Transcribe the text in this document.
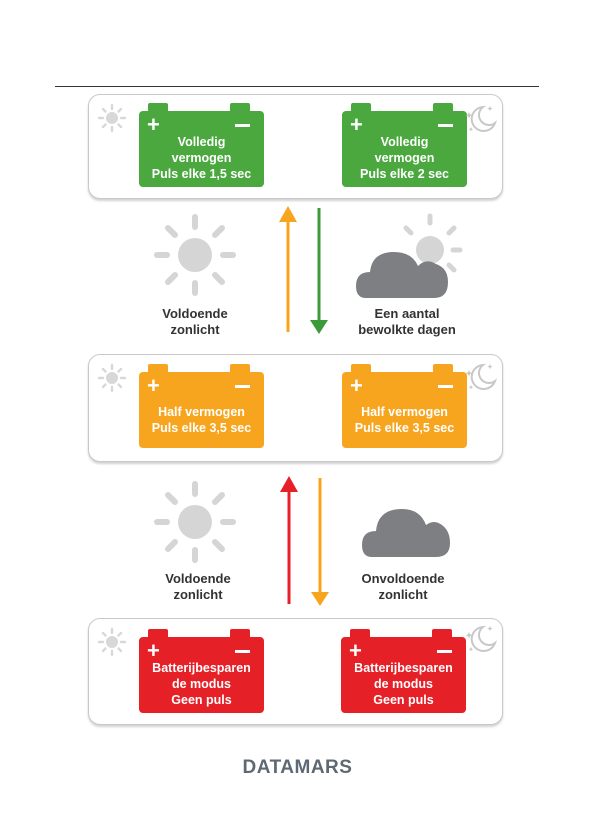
+
Volledig
vermogen
Puls elke 1,5 sec
+
Volledig
vermogen
Puls elke 2 sec
Voldoende
zonlicht
Een aantal
bewolkte dagen
+
Half vermogen
Puls elke 3,5 sec
+
Half vermogen
Puls elke 3,5 sec
Voldoende
zonlicht
Onvoldoende
zonlicht
+
Batterijbesparen
de modus
Geen puls
+
Batterijbesparen
de modus
Geen puls
DATAMARS
